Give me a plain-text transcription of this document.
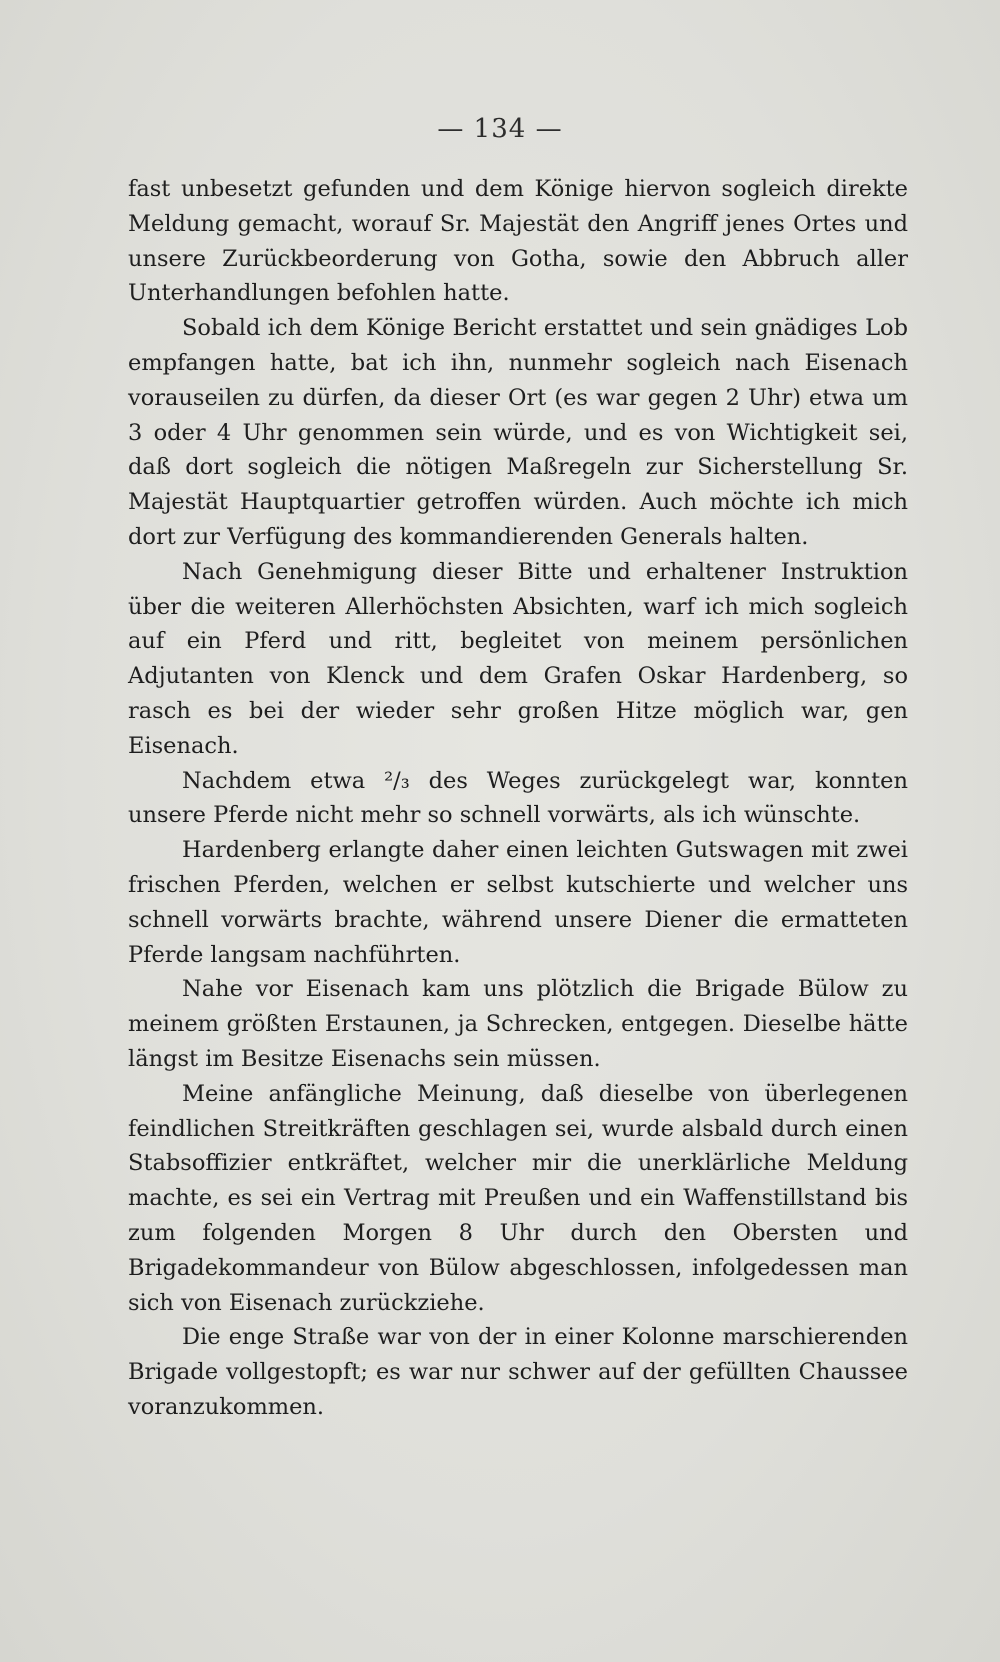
— 134 —

fast unbesetzt gefunden und dem Könige hiervon sogleich direkte Meldung gemacht, worauf Sr. Majestät den Angriff jenes Ortes und unsere Zurückbeorderung von Gotha, sowie den Abbruch aller Unterhandlungen befohlen hatte.

Sobald ich dem Könige Bericht erstattet und sein gnädiges Lob empfangen hatte, bat ich ihn, nunmehr sogleich nach Eisenach vorauseilen zu dürfen, da dieser Ort (es war gegen 2 Uhr) etwa um 3 oder 4 Uhr genommen sein würde, und es von Wichtigkeit sei, daß dort sogleich die nötigen Maßregeln zur Sicherstellung Sr. Majestät Hauptquartier getroffen würden. Auch möchte ich mich dort zur Verfügung des kommandierenden Generals halten.

Nach Genehmigung dieser Bitte und erhaltener Instruktion über die weiteren Allerhöchsten Absichten, warf ich mich sogleich auf ein Pferd und ritt, begleitet von meinem persönlichen Adjutanten von Klenck und dem Grafen Oskar Hardenberg, so rasch es bei der wieder sehr großen Hitze möglich war, gen Eisenach.

Nachdem etwa ²/₃ des Weges zurückgelegt war, konnten unsere Pferde nicht mehr so schnell vorwärts, als ich wünschte.

Hardenberg erlangte daher einen leichten Gutswagen mit zwei frischen Pferden, welchen er selbst kutschierte und welcher uns schnell vorwärts brachte, während unsere Diener die ermatteten Pferde langsam nachführten.

Nahe vor Eisenach kam uns plötzlich die Brigade Bülow zu meinem größten Erstaunen, ja Schrecken, entgegen. Dieselbe hätte längst im Besitze Eisenachs sein müssen.

Meine anfängliche Meinung, daß dieselbe von überlegenen feindlichen Streitkräften geschlagen sei, wurde alsbald durch einen Stabsoffizier entkräftet, welcher mir die unerklärliche Meldung machte, es sei ein Vertrag mit Preußen und ein Waffenstillstand bis zum folgenden Morgen 8 Uhr durch den Obersten und Brigadekommandeur von Bülow abgeschlossen, infolgedessen man sich von Eisenach zurückziehe.

Die enge Straße war von der in einer Kolonne marschierenden Brigade vollgestopft; es war nur schwer auf der gefüllten Chaussee voranzukommen.
